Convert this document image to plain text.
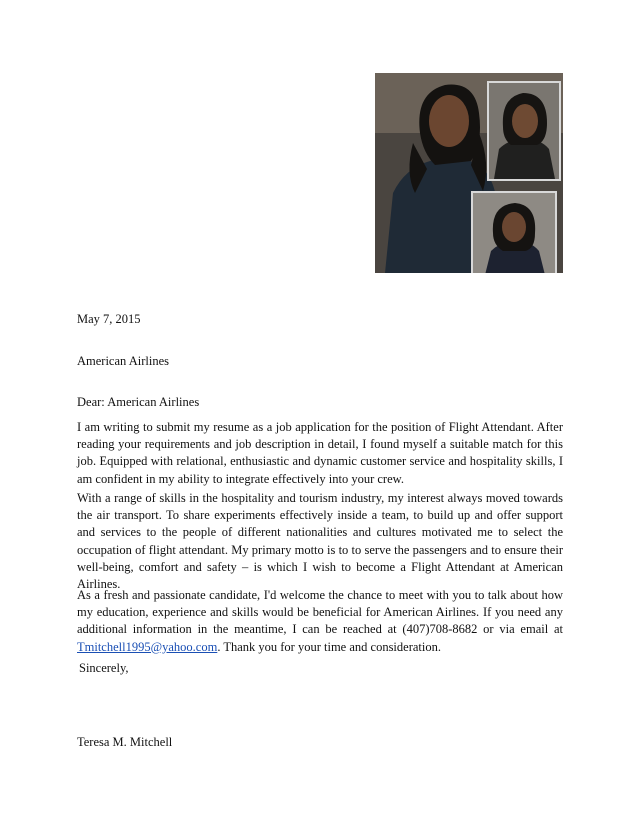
May 7, 2015

American Airlines

Dear: American Airlines

I am writing to submit my resume as a job application for the position of Flight Attendant. After reading your requirements and job description in detail, I found myself a suitable match for this job. Equipped with relational, enthusiastic and dynamic customer service and hospitality skills, I am confident in my ability to integrate effectively into your crew.

With a range of skills in the hospitality and tourism industry, my interest always moved towards the air transport. To share experiments effectively inside a team, to build up and offer support and services to the people of different nationalities and cultures motivated me to select the occupation of flight attendant. My primary motto is to to serve the passengers and to ensure their well-being, comfort and safety – is which I wish to become a Flight Attendant at American Airlines.

As a fresh and passionate candidate, I'd welcome the chance to meet with you to talk about how my education, experience and skills would be beneficial for American Airlines. If you need any additional information in the meantime, I can be reached at (407)708-8682 or via email at Tmitchell1995@yahoo.com. Thank you for your time and consideration.

Sincerely,

Teresa M. Mitchell
